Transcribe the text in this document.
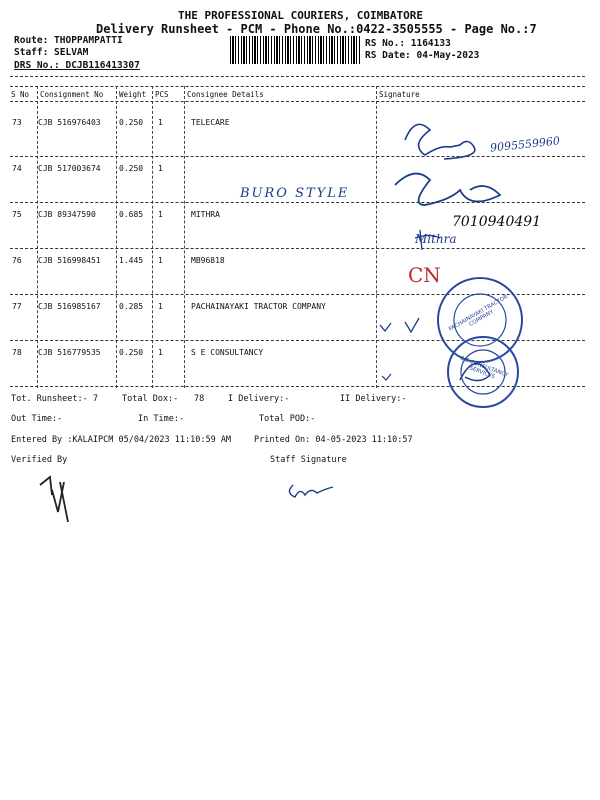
THE PROFESSIONAL COURIERS, COIMBATORE
Delivery Runsheet - PCM - Phone No.:0422-3505555 - Page No.:7
Route: THOPPAMPATTI
Staff: SELVAM
DRS No.: DCJB116413307
RS No.: 1164133
RS Date: 04-May-2023
S No Consignment No Weight PCS Consignee Details	Signature
73 CJB 516976403 0.250 1	TELECARE
74 CJB 517003674 0.250 1
75 CJB 89347590	0.685 1	MITHRA
76 CJB 516998451 1.445 1	MB96818
77 CJB 516985167 0.285 1	PACHAINAYAKI TRACTOR COMPANY
78 CJB 516779535 0.250 1	S E CONSULTANCY
9095559960
BURO STYLE
7010940491
Mithra
CN
PACHAINAYAKI TRACTOR COMPANY
S E CONSULTANCY SERVICES
Tot. Runsheet:- 7	Total Dox:- 78	I Delivery:-	II Delivery:-
Out Time:-	In Time:-	Total POD:-
Entered By :KALAIPCM 05/04/2023 11:10:59 AM	Printed On: 04-05-2023 11:10:57
Verified By	Staff Signature
